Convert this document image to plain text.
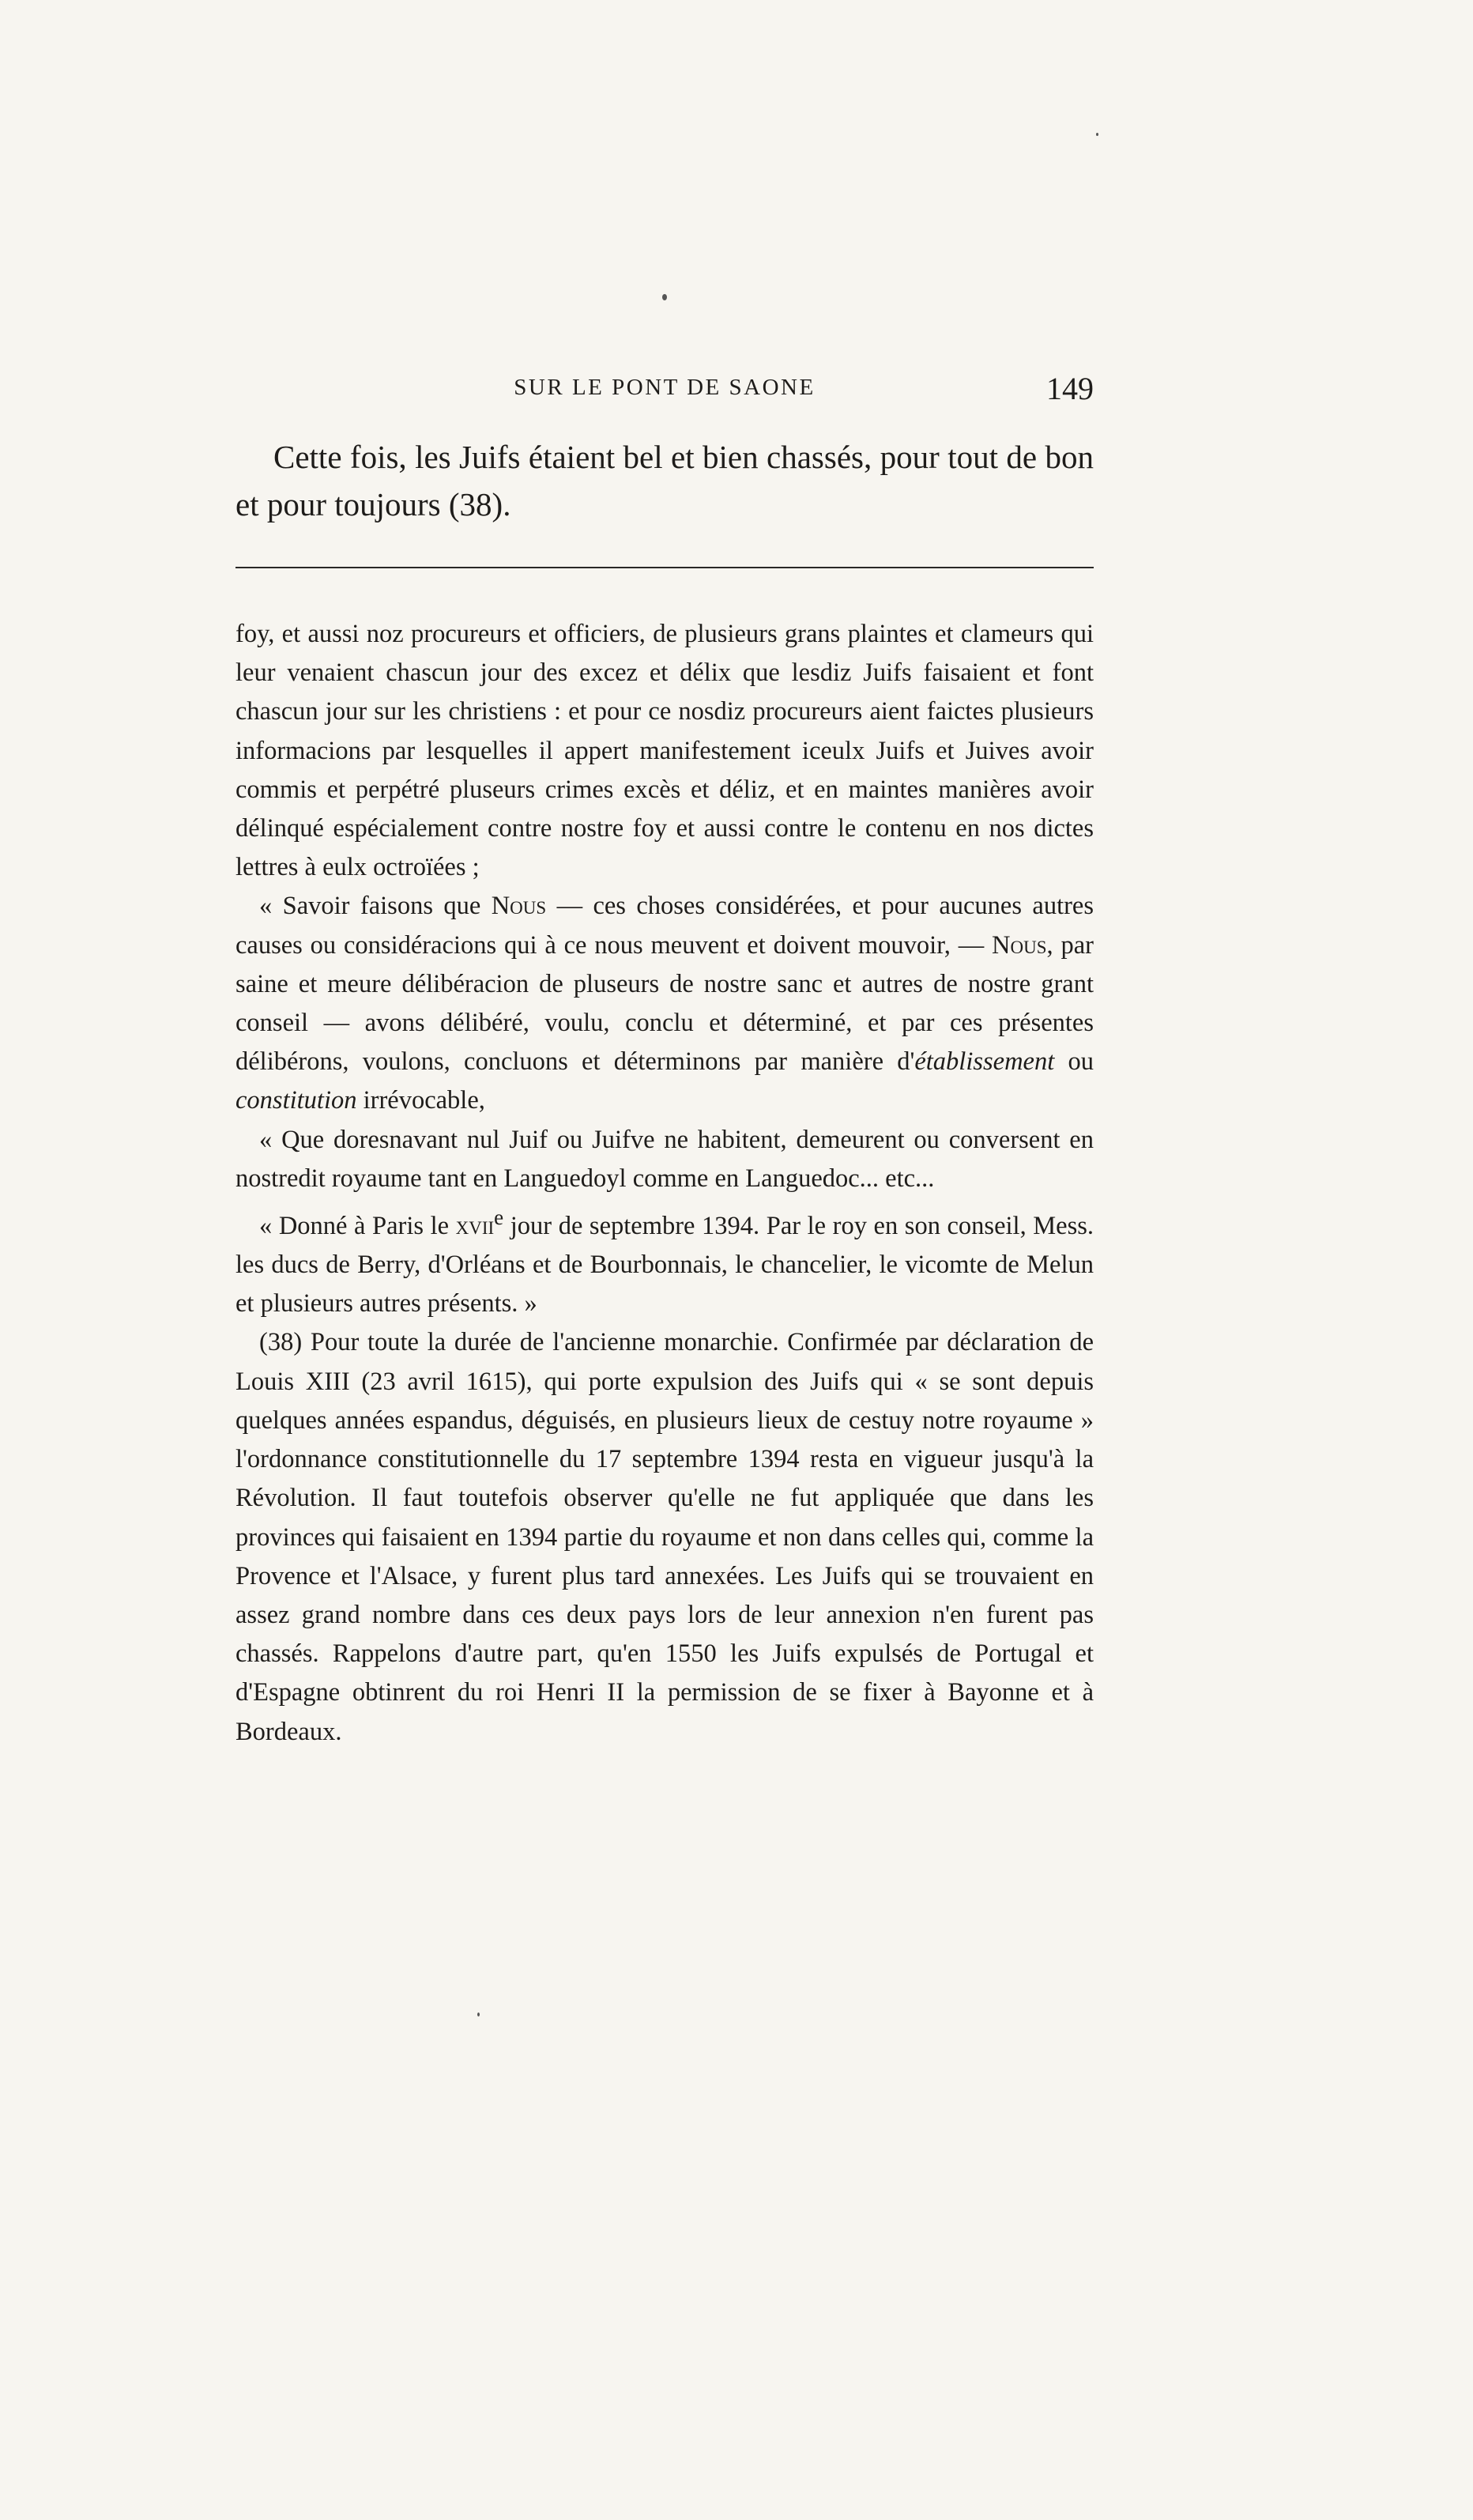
SUR LE PONT DE SAONE	149

Cette fois, les Juifs étaient bel et bien chassés, pour tout de bon et pour toujours (38).

foy, et aussi noz procureurs et officiers, de plusieurs grans plaintes et clameurs qui leur venaient chascun jour des excez et délix que lesdiz Juifs faisaient et font chascun jour sur les christiens : et pour ce nosdiz procureurs aient faictes plusieurs informacions par lesquelles il appert manifestement iceulx Juifs et Juives avoir commis et perpétré pluseurs crimes excès et déliz, et en maintes manières avoir délinqué espécialement contre nostre foy et aussi contre le contenu en nos dictes lettres à eulx octroïées ;

« Savoir faisons que Nous — ces choses considérées, et pour aucunes autres causes ou considéracions qui à ce nous meuvent et doivent mouvoir, — Nous, par saine et meure délibéracion de pluseurs de nostre sanc et autres de nostre grant conseil — avons délibéré, voulu, conclu et déterminé, et par ces présentes délibérons, voulons, concluons et déterminons par manière d'établissement ou constitution irrévocable,

« Que doresnavant nul Juif ou Juifve ne habitent, demeurent ou conversent en nostredit royaume tant en Languedoyl comme en Languedoc... etc...

« Donné à Paris le xvii$^e$ jour de septembre 1394. Par le roy en son conseil, Mess. les ducs de Berry, d'Orléans et de Bourbonnais, le chancelier, le vicomte de Melun et plusieurs autres présents. »

(38) Pour toute la durée de l'ancienne monarchie. Confirmée par déclaration de Louis XIII (23 avril 1615), qui porte expulsion des Juifs qui « se sont depuis quelques années espandus, déguisés, en plusieurs lieux de cestuy notre royaume » l'ordonnance constitutionnelle du 17 septembre 1394 resta en vigueur jusqu'à la Révolution. Il faut toutefois observer qu'elle ne fut appliquée que dans les provinces qui faisaient en 1394 partie du royaume et non dans celles qui, comme la Provence et l'Alsace, y furent plus tard annexées. Les Juifs qui se trouvaient en assez grand nombre dans ces deux pays lors de leur annexion n'en furent pas chassés. Rappelons d'autre part, qu'en 1550 les Juifs expulsés de Portugal et d'Espagne obtinrent du roi Henri II la permission de se fixer à Bayonne et à Bordeaux.
